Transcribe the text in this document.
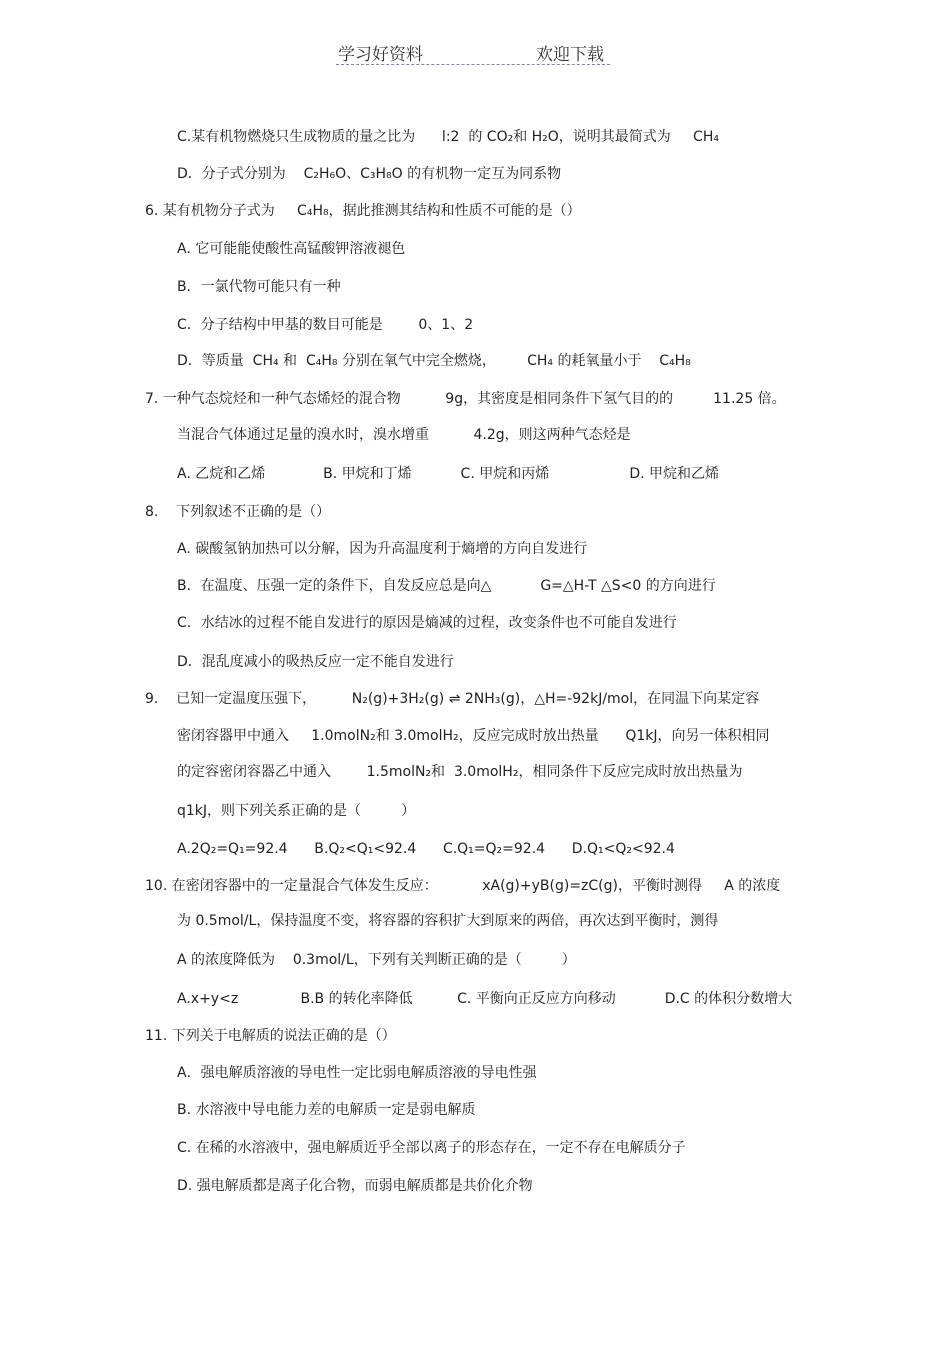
学习好资料	欢迎下载
C.某有机物燃烧只生成物质的量之比为      l:2  的 CO₂和 H₂O，说明其最简式为     CH₄
D．分子式分别为    C₂H₆O、C₃H₈O 的有机物一定互为同系物
6. 某有机物分子式为     C₄H₈，据此推测其结构和性质不可能的是（）
A. 它可能能使酸性高锰酸钾溶液褪色
B．一氯代物可能只有一种
C．分子结构中甲基的数目可能是        0、1、2
D．等质量  CH₄ 和  C₄H₈ 分别在氧气中完全燃烧，       CH₄ 的耗氧量小于    C₄H₈
7. 一种气态烷烃和一种气态烯烃的混合物          9g，其密度是相同条件下氢气目的的         11.25 倍。
当混合气体通过足量的溴水时，溴水增重          4.2g，则这两种气态烃是
A. 乙烷和乙烯             B. 甲烷和丁烯           C. 甲烷和丙烯                  D. 甲烷和乙烯
8.    下列叙述不正确的是（）
A. 碳酸氢钠加热可以分解，因为升高温度利于熵增的方向自发进行
B．在温度、压强一定的条件下，自发反应总是向△           G=△H-T △S<0 的方向进行
C．水结冰的过程不能自发进行的原因是熵减的过程，改变条件也不可能自发进行
D．混乱度减小的吸热反应一定不能自发进行
9.    已知一定温度压强下，        N₂(g)+3H₂(g) ⇌ 2NH₃(g)，△H=-92kJ/mol，在同温下向某定容
密闭容器甲中通入     1.0molN₂和 3.0molH₂，反应完成时放出热量      Q1kJ，向另一体积相同
的定容密闭容器乙中通入        1.5molN₂和  3.0molH₂，相同条件下反应完成时放出热量为
q1kJ，则下列关系正确的是（         ）
A.2Q₂=Q₁=92.4      B.Q₂<Q₁<92.4      C.Q₁=Q₂=92.4      D.Q₁<Q₂<92.4
10. 在密闭容器中的一定量混合气体发生反应：          xA(g)+yB(g)=zC(g)，平衡时测得     A 的浓度
为 0.5mol/L，保持温度不变，将容器的容积扩大到原来的两倍，再次达到平衡时，测得
A 的浓度降低为    0.3mol/L，下列有关判断正确的是（         ）
A.x+y<z              B.B 的转化率降低          C. 平衡向正反应方向移动           D.C 的体积分数增大
11. 下列关于电解质的说法正确的是（）
A．强电解质溶液的导电性一定比弱电解质溶液的导电性强
B. 水溶液中导电能力差的电解质一定是弱电解质
C. 在稀的水溶液中，强电解质近乎全部以离子的形态存在，一定不存在电解质分子
D. 强电解质都是离子化合物，而弱电解质都是共价化介物
